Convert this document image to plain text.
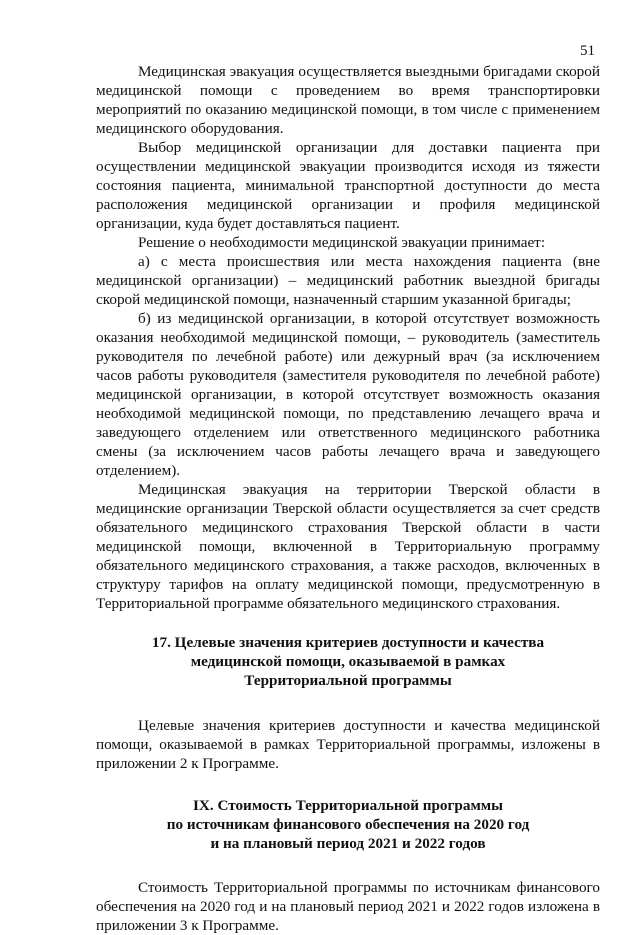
51

Медицинская эвакуация осуществляется выездными бригадами скорой медицинской помощи с проведением во время транспортировки мероприятий по оказанию медицинской помощи, в том числе с применением медицинского оборудования.

Выбор медицинской организации для доставки пациента при осуществлении медицинской эвакуации производится исходя из тяжести состояния пациента, минимальной транспортной доступности до места расположения медицинской организации и профиля медицинской организации, куда будет доставляться пациент.

Решение о необходимости медицинской эвакуации принимает:

а) с места происшествия или места нахождения пациента (вне медицинской организации) – медицинский работник выездной бригады скорой медицинской помощи, назначенный старшим указанной бригады;

б) из медицинской организации, в которой отсутствует возможность оказания необходимой медицинской помощи, – руководитель (заместитель руководителя по лечебной работе) или дежурный врач (за исключением часов работы руководителя (заместителя руководителя по лечебной работе) медицинской организации, в которой отсутствует возможность оказания необходимой медицинской помощи, по представлению лечащего врача и заведующего отделением или ответственного медицинского работника смены (за исключением часов работы лечащего врача и заведующего отделением).

Медицинская эвакуация на территории Тверской области в медицинские организации Тверской области осуществляется за счет средств обязательного медицинского страхования Тверской области в части медицинской помощи, включенной в Территориальную программу обязательного медицинского страхования, а также расходов, включенных в структуру тарифов на оплату медицинской помощи, предусмотренную в Территориальной программе обязательного медицинского страхования.

17. Целевые значения критериев доступности и качества
медицинской помощи, оказываемой в рамках
Территориальной программы

Целевые значения критериев доступности и качества медицинской помощи, оказываемой в рамках Территориальной программы, изложены в приложении 2 к Программе.

IX. Стоимость Территориальной программы
по источникам финансового обеспечения на 2020 год
и на плановый период 2021 и 2022 годов

Стоимость Территориальной программы по источникам финансового обеспечения на 2020 год и на плановый период 2021 и 2022 годов изложена в приложении 3 к Программе.
